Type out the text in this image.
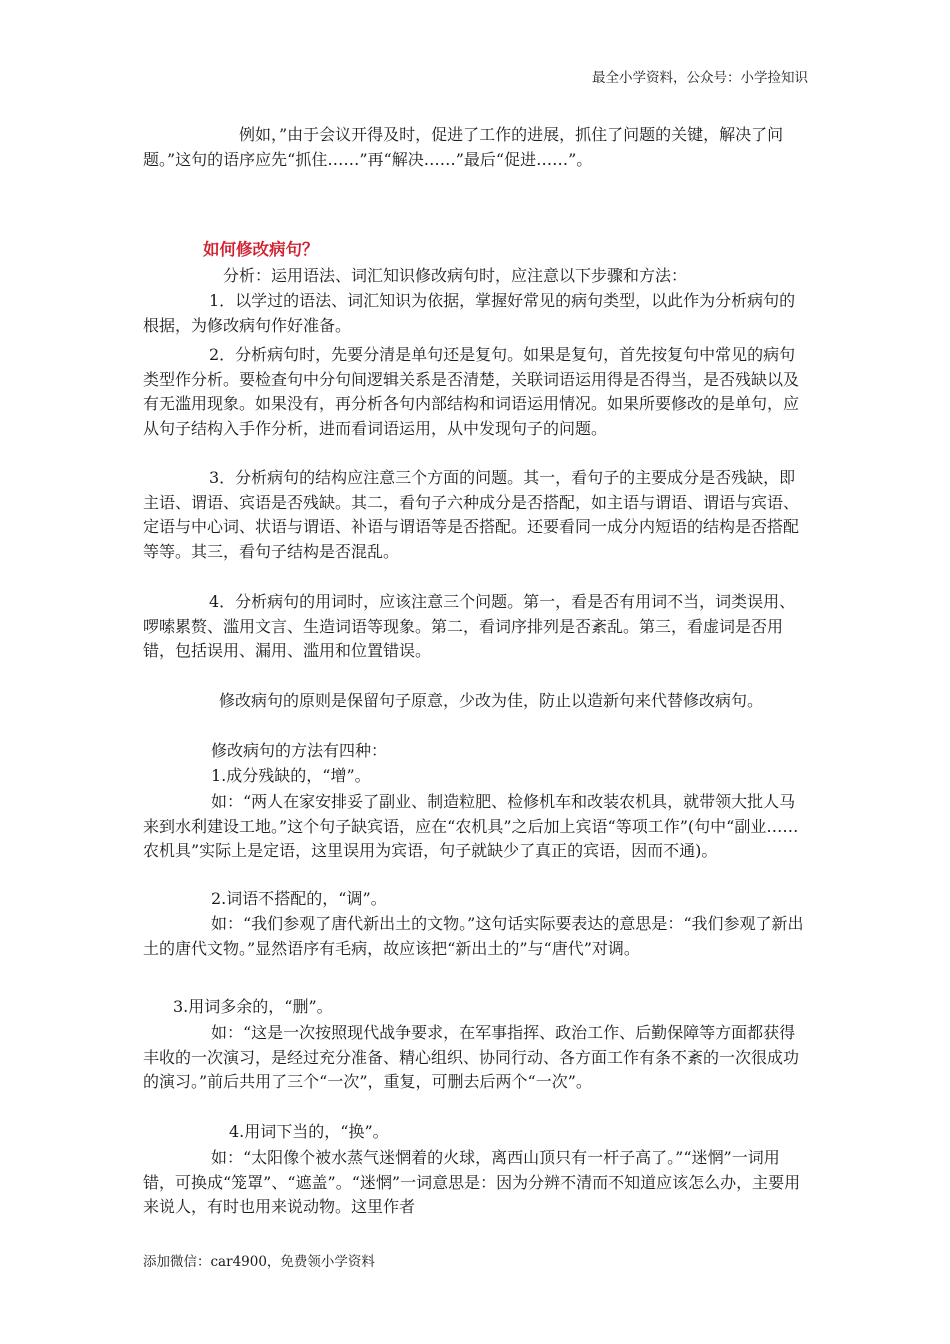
最全小学资料，公众号：小学捡知识

例如，”由于会议开得及时，促进了工作的进展，抓住了问题的关键，解决了问题。”这句的语序应先“抓住……”再“解决……”最后“促进……”。

如何修改病句？

分析：运用语法、词汇知识修改病句时，应注意以下步骤和方法：

1．以学过的语法、词汇知识为依据，掌握好常见的病句类型，以此作为分析病句的根据，为修改病句作好准备。

2．分析病句时，先要分清是单句还是复句。如果是复句，首先按复句中常见的病句类型作分析。要检查句中分句间逻辑关系是否清楚，关联词语运用得是否得当，是否残缺以及有无滥用现象。如果没有，再分析各句内部结构和词语运用情况。如果所要修改的是单句，应从句子结构入手作分析，进而看词语运用，从中发现句子的问题。

3．分析病句的结构应注意三个方面的问题。其一，看句子的主要成分是否残缺，即主语、谓语、宾语是否残缺。其二，看句子六种成分是否搭配，如主语与谓语、谓语与宾语、定语与中心词、状语与谓语、补语与谓语等是否搭配。还要看同一成分内短语的结构是否搭配等等。其三，看句子结构是否混乱。

4．分析病句的用词时，应该注意三个问题。第一，看是否有用词不当，词类误用、啰嗦累赘、滥用文言、生造词语等现象。第二，看词序排列是否紊乱。第三，看虚词是否用错，包括误用、漏用、滥用和位置错误。

修改病句的原则是保留句子原意，少改为佳，防止以造新句来代替修改病句。

修改病句的方法有四种：

1.成分残缺的，“增”。

如：“两人在家安排妥了副业、制造粒肥、检修机车和改装农机具，就带领大批人马来到水利建设工地。”这个句子缺宾语，应在“农机具”之后加上宾语“等项工作”(句中“副业……农机具”实际上是定语，这里误用为宾语，句子就缺少了真正的宾语，因而不通)。

2.词语不搭配的，“调”。

如：“我们参观了唐代新出土的文物。”这句话实际要表达的意思是：“我们参观了新出土的唐代文物。”显然语序有毛病，故应该把“新出土的”与“唐代”对调。

3.用词多余的，“删”。

如：“这是一次按照现代战争要求，在军事指挥、政治工作、后勤保障等方面都获得丰收的一次演习，是经过充分准备、精心组织、协同行动、各方面工作有条不紊的一次很成功的演习。”前后共用了三个“一次”，重复，可删去后两个“一次”。

4.用词下当的，“换”。

如：“太阳像个被水蒸气迷惘着的火球，离西山顶只有一杆子高了。”“迷惘”一词用错，可换成“笼罩”、“遮盖”。“迷惘”一词意思是：因为分辨不清而不知道应该怎么办，主要用来说人，有时也用来说动物。这里作者

添加微信：car4900，免费领小学资料
